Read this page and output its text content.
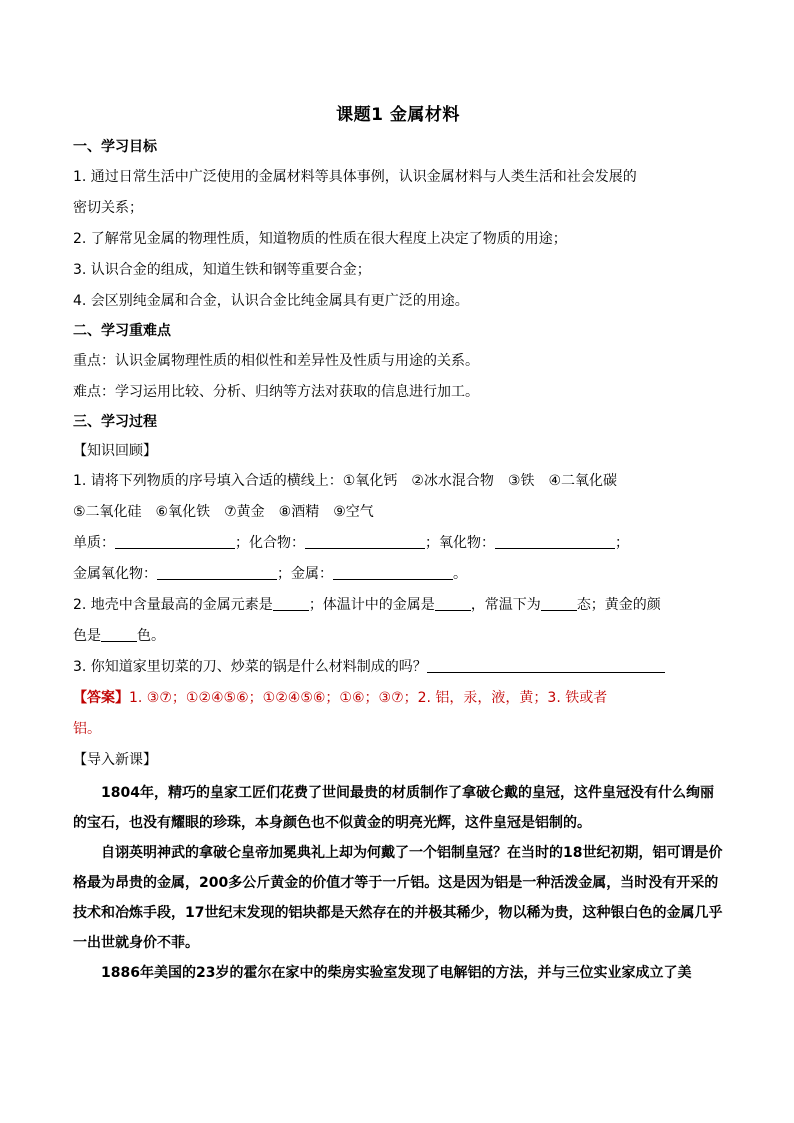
课题1 金属材料

一、学习目标

1. 通过日常生活中广泛使用的金属材料等具体事例，认识金属材料与人类生活和社会发展的

密切关系；

2. 了解常见金属的物理性质，知道物质的性质在很大程度上决定了物质的用途；

3. 认识合金的组成，知道生铁和钢等重要合金；

4. 会区别纯金属和合金，认识合金比纯金属具有更广泛的用途。

二、学习重难点

重点：认识金属物理性质的相似性和差异性及性质与用途的关系。

难点：学习运用比较、分析、归纳等方法对获取的信息进行加工。

三、学习过程

【知识回顾】

1. 请将下列物质的序号填入合适的横线上：①氧化钙　②冰水混合物　③铁　④二氧化碳

⑤二氧化硅　⑥氧化铁　⑦黄金　⑧酒精　⑨空气

单质：	；化合物：	；氧化物：	；

金属氧化物：	；金属：	。

2. 地壳中含量最高的金属元素是	；体温计中的金属是	，常温下为	态；黄金的颜

色是	色。

3. 你知道家里切菜的刀、炒菜的锅是什么材料制成的吗？

【答案】1. ③⑦；①②④⑤⑥；①②④⑤⑥；①⑥；③⑦；2. 铝，汞，液，黄；3. 铁或者

铝。

【导入新课】

1804年，精巧的皇家工匠们花费了世间最贵的材质制作了拿破仑戴的皇冠，这件皇冠没有什么绚丽的宝石，也没有耀眼的珍珠，本身颜色也不似黄金的明亮光辉，这件皇冠是铝制的。

自诩英明神武的拿破仑皇帝加冕典礼上却为何戴了一个铝制皇冠？在当时的18世纪初期，铝可谓是价格最为昂贵的金属，200多公斤黄金的价值才等于一斤铝。这是因为铝是一种活泼金属，当时没有开采的技术和冶炼手段，17世纪末发现的铝块都是天然存在的并极其稀少，物以稀为贵，这种银白色的金属几乎一出世就身价不菲。

1886年美国的23岁的霍尔在家中的柴房实验室发现了电解铝的方法，并与三位实业家成立了美
